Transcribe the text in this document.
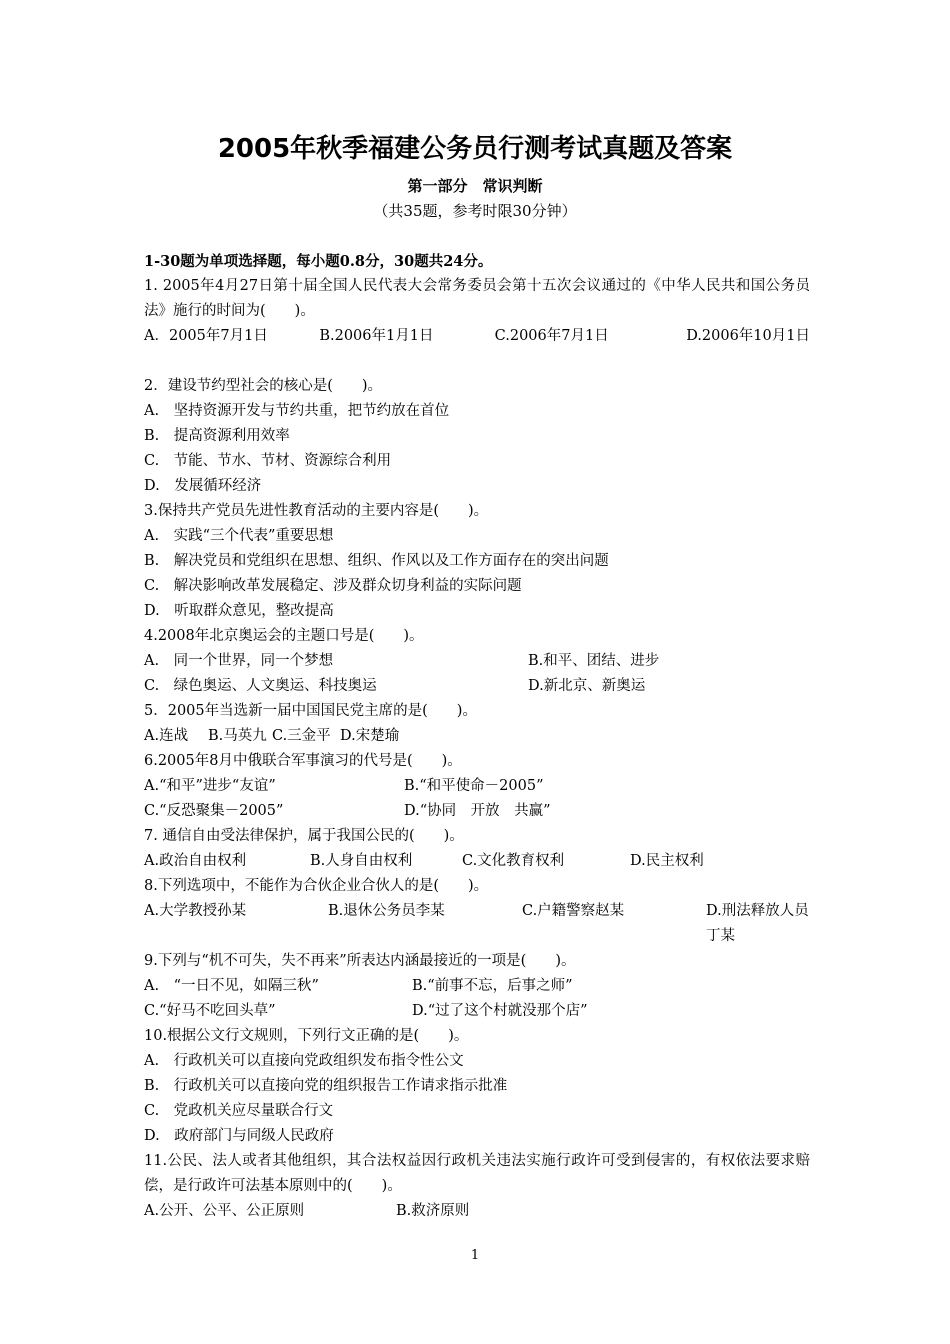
2005年秋季福建公务员行测考试真题及答案
第一部分　常识判断
（共35题，参考时限30分钟）
1-30题为单项选择题，每小题0.8分，30题共24分。
1. 2005年4月27日第十届全国人民代表大会常务委员会第十五次会议通过的《中华人民共和国公务员法》施行的时间为(　　)。
A．2005年7月1日	B.2006年1月1日	C.2006年7月1日	D.2006年10月1日
2．建设节约型社会的核心是(　　)。
A.　坚持资源开发与节约共重，把节约放在首位
B.　提高资源利用效率
C.　节能、节水、节材、资源综合利用
D.　发展循环经济
3.保持共产党员先进性教育活动的主要内容是(　　)。
A.　实践“三个代表”重要思想
B.　解决党员和党组织在思想、组织、作风以及工作方面存在的突出问题
C.　解决影响改革发展稳定、涉及群众切身利益的实际问题
D.　听取群众意见，整改提高
4.2008年北京奥运会的主题口号是(　　)。
A.　同一个世界，同一个梦想	B.和平、团结、进步
C.　绿色奥运、人文奥运、科技奥运	D.新北京、新奥运
5．2005年当选新一届中国国民党主席的是(　　)。
A.连战	B.马英九 C.三金平 D.宋楚瑜
6.2005年8月中俄联合军事演习的代号是(　　)。
A.“和平”进步“友谊”	B.“和平使命－2005”
C.“反恐聚集－2005”	D.“协同　开放　共赢”
7. 通信自由受法律保护，属于我国公民的(　　)。
A.政治自由权利	B.人身自由权利	C.文化教育权利	D.民主权利
8.下列选项中，不能作为合伙企业合伙人的是(　　)。
A.大学教授孙某	B.退休公务员李某	C.户籍警察赵某	D.刑法释放人员丁某
9.下列与“机不可失，失不再来”所表达内涵最接近的一项是(　　)。
A.　“一日不见，如隔三秋”	B.“前事不忘，后事之师”
C.“好马不吃回头草”	D.“过了这个村就没那个店”
10.根据公文行文规则，下列行文正确的是(　　)。
A.　行政机关可以直接向党政组织发布指令性公文
B.　行政机关可以直接向党的组织报告工作请求指示批准
C.　党政机关应尽量联合行文
D.　政府部门与同级人民政府
11.公民、法人或者其他组织，其合法权益因行政机关违法实施行政许可受到侵害的，有权依法要求赔偿，是行政许可法基本原则中的(　　)。
A.公开、公平、公正原则	B.救济原则
1
